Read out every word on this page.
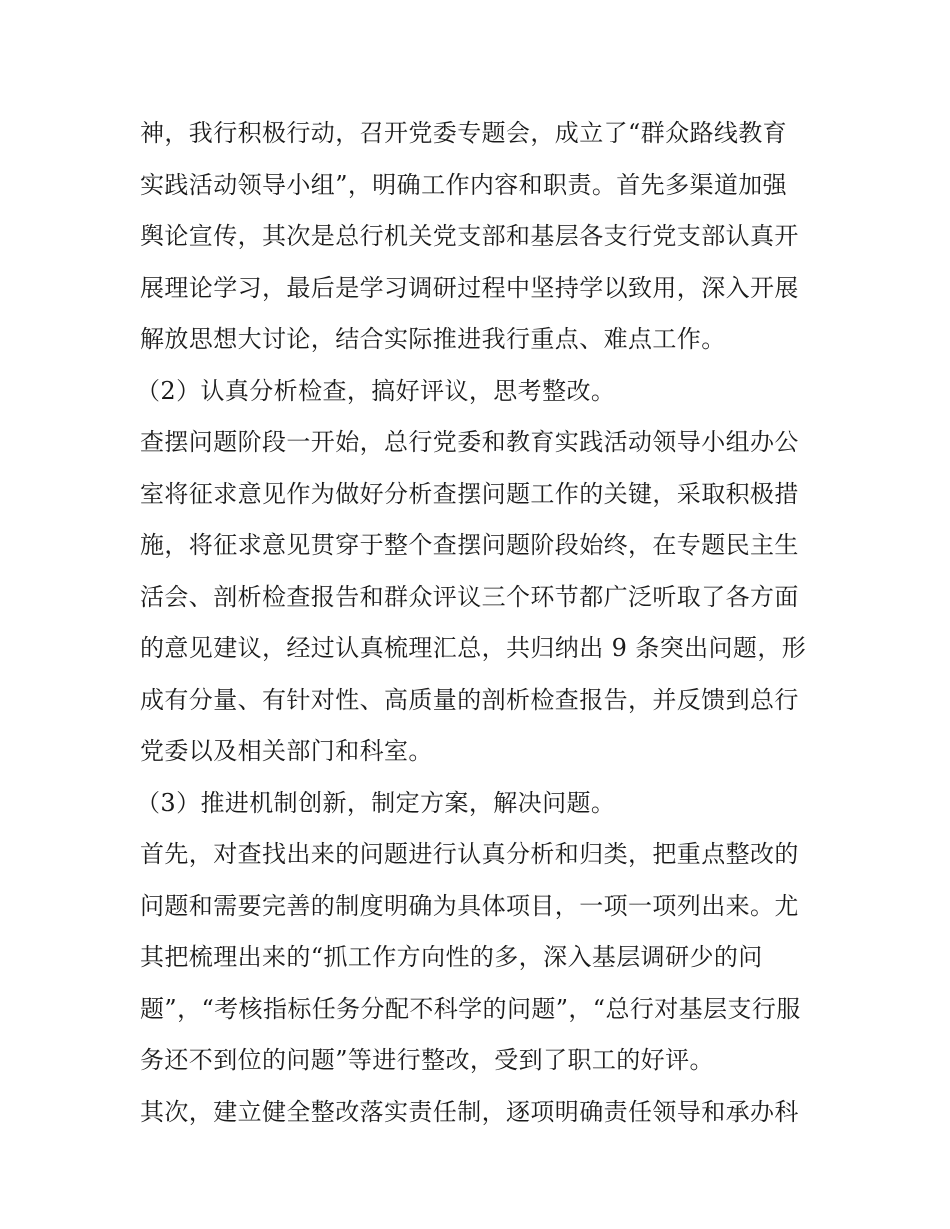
神，我行积极行动，召开党委专题会，成立了“群众路线教育
实践活动领导小组”，明确工作内容和职责。首先多渠道加强
舆论宣传，其次是总行机关党支部和基层各支行党支部认真开
展理论学习，最后是学习调研过程中坚持学以致用，深入开展
解放思想大讨论，结合实际推进我行重点、难点工作。
（2）认真分析检查，搞好评议，思考整改。
查摆问题阶段一开始，总行党委和教育实践活动领导小组办公
室将征求意见作为做好分析查摆问题工作的关键，采取积极措
施，将征求意见贯穿于整个查摆问题阶段始终，在专题民主生
活会、剖析检查报告和群众评议三个环节都广泛听取了各方面
的意见建议，经过认真梳理汇总，共归纳出 9 条突出问题，形
成有分量、有针对性、高质量的剖析检查报告，并反馈到总行
党委以及相关部门和科室。
（3）推进机制创新，制定方案，解决问题。
首先，对查找出来的问题进行认真分析和归类，把重点整改的
问题和需要完善的制度明确为具体项目，一项一项列出来。尤
其把梳理出来的“抓工作方向性的多，深入基层调研少的问
题”，“考核指标任务分配不科学的问题”，“总行对基层支行服
务还不到位的问题”等进行整改，受到了职工的好评。
其次，建立健全整改落实责任制，逐项明确责任领导和承办科
